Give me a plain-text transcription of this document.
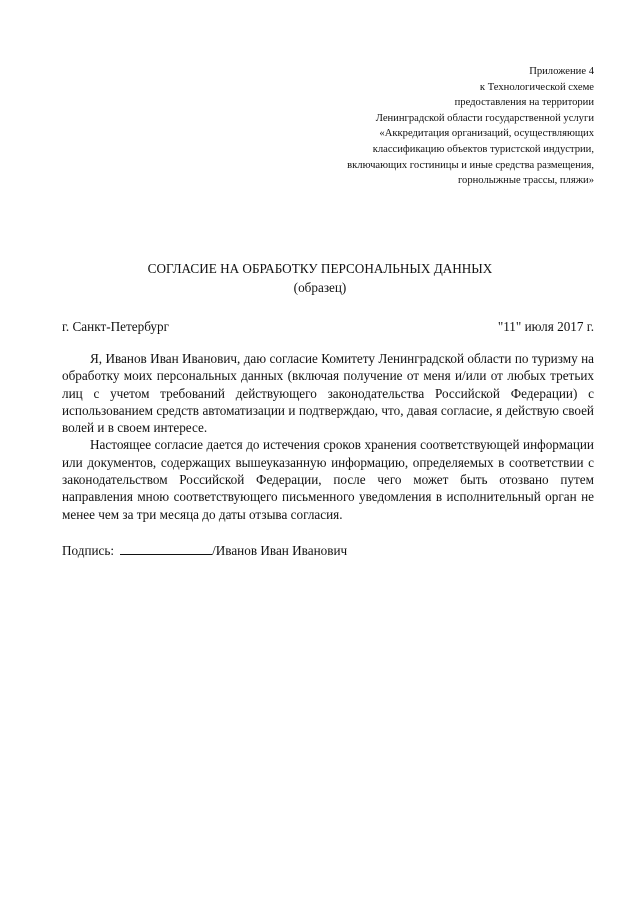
Приложение 4
к Технологической схеме
предоставления на территории
Ленинградской области государственной услуги
«Аккредитация организаций, осуществляющих
классификацию объектов туристской индустрии,
включающих гостиницы и иные средства размещения,
горнолыжные трассы, пляжи»
СОГЛАСИЕ НА ОБРАБОТКУ ПЕРСОНАЛЬНЫХ ДАННЫХ
(образец)
г. Санкт-Петербург	"11" июля 2017 г.

Я, Иванов Иван Иванович, даю согласие Комитету Ленинградской области по туризму на обработку моих персональных данных (включая получение от меня и/или от любых третьих лиц с учетом требований действующего законодательства Российской Федерации) с использованием средств автоматизации и подтверждаю, что, давая согласие, я действую своей волей и в своем интересе.

Настоящее согласие дается до истечения сроков хранения соответствующей информации или документов, содержащих вышеуказанную информацию, определяемых в соответствии с законодательством Российской Федерации, после чего может быть отозвано путем направления мною соответствующего письменного уведомления в исполнительный орган не менее чем за три месяца до даты отзыва согласия.

Подпись:	/Иванов Иван Иванович
